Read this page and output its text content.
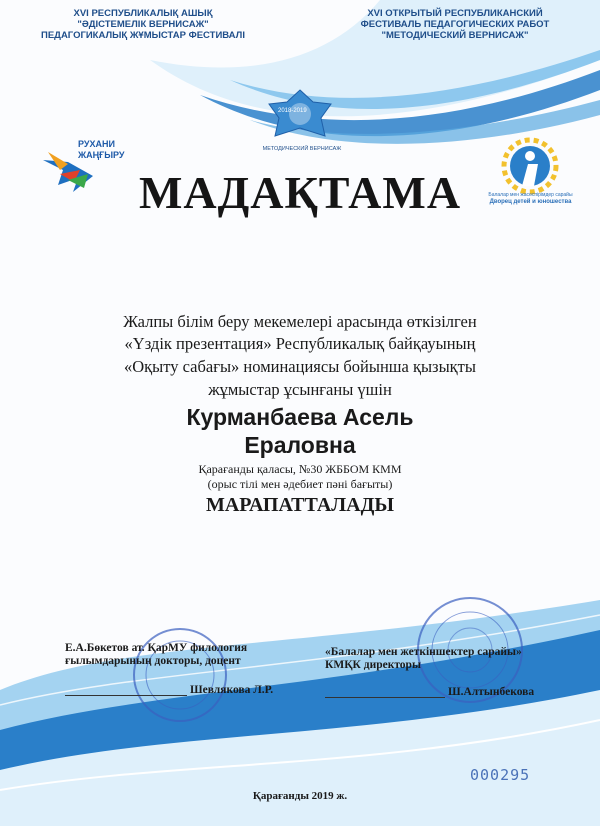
XVI РЕСПУБЛИКАЛЫҚ АШЫҚ
"ӘДІСТЕМЕЛІК ВЕРНИСАЖ"
ПЕДАГОГИКАЛЫҚ ЖҰМЫСТАР ФЕСТИВАЛІ
XVI ОТКРЫТЫЙ РЕСПУБЛИКАНСКИЙ
ФЕСТИВАЛЬ ПЕДАГОГИЧЕСКИХ РАБОТ
"МЕТОДИЧЕСКИЙ ВЕРНИСАЖ"
2018-2019
МЕТОДИЧЕСКИЙ ВЕРНИСАЖ
РУХАНИ
ЖАҢҒЫРУ
Балалар мен жасөспірімдер сарайы
Дворец детей и юношества
МАДАҚТАМА
Жалпы білім беру мекемелері арасында өткізілген
«Үздік презентация» Республикалық байқауының
«Оқыту сабағы» номинациясы бойынша қызықты
жұмыстар ұсынғаны үшін
Курманбаева Асель
Ераловна
Қарағанды қаласы, №30 ЖББОМ КММ
(орыс тілі мен әдебиет пәні бағыты)
МАРАПАТТАЛАДЫ
Е.А.Бөкетов ат. ҚарМУ филология
ғылымдарының докторы, доцент
Шевлякова Л.Р.
«Балалар мен жеткіншектер сарайы»
КМҚК директоры
Ш.Алтынбекова
000295
Қарағанды 2019 ж.
